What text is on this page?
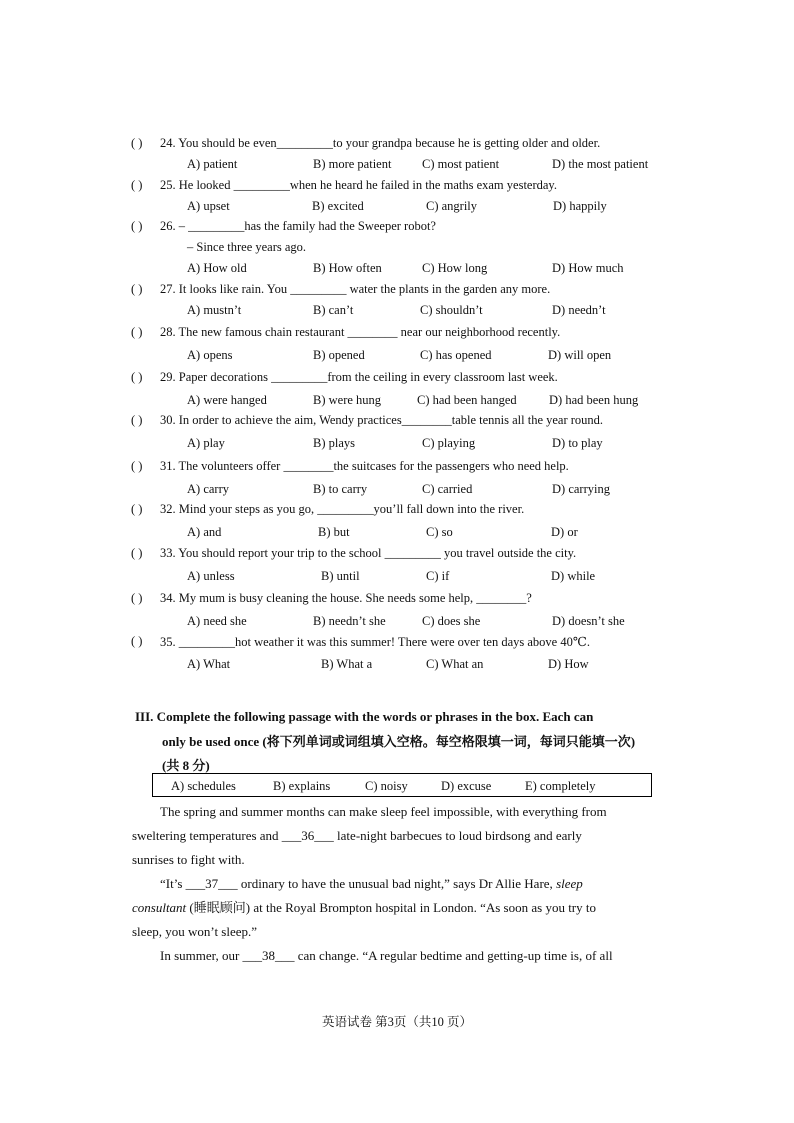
( ) 24. You should be even_________to your grandpa because he is getting older and older.
A) patient	B) more patient C) most patient	D) the most patient
( ) 25. He looked _________when he heard he failed in the maths exam yesterday.
A) upset	B) excited	C) angrily	D) happily
( ) 26. – _________has the family had the Sweeper robot?
– Since three years ago.
A) How old	B) How often	C) How long	D) How much
( ) 27. It looks like rain. You _________ water the plants in the garden any more.
A) mustn’t	B) can’t	C) shouldn’t	D) needn’t
( ) 28. The new famous chain restaurant ________ near our neighborhood recently.
A) opens	B) opened	C) has opened	D) will open
( ) 29. Paper decorations _________from the ceiling in every classroom last week.
A) were hanged	B) were hung	C) had been hanged	D) had been hung
( ) 30. In order to achieve the aim, Wendy practices________table tennis all the year round.
A) play	B) plays	C) playing	D) to play
( ) 31. The volunteers offer ________the suitcases for the passengers who need help.
A) carry	B) to carry	C) carried	D) carrying
( ) 32. Mind your steps as you go, _________you’ll fall down into the river.
A) and	B) but	C) so	D) or
( ) 33. You should report your trip to the school _________ you travel outside the city.
A) unless	B) until	C) if	D) while
( ) 34. My mum is busy cleaning the house. She needs some help, ________?
A) need she	B) needn’t she	C) does she	D) doesn’t she
( ) 35. _________hot weather it was this summer! There were over ten days above 40℃.
A) What	B) What a	C) What an	D) How
III. Complete the following passage with the words or phrases in the box. Each can
only be used once (将下列单词或词组填入空格。每空格限填一词，每词只能填一次)
(共 8 分)
A) schedules	B) explains	C) noisy	D) excuse	E) completely
The spring and summer months can make sleep feel impossible, with everything from
sweltering temperatures and ___36___ late-night barbecues to loud birdsong and early
sunrises to fight with.
“It’s ___37___ ordinary to have the unusual bad night,” says Dr Allie Hare, sleep
consultant (睡眠顾问) at the Royal Brompton hospital in London. “As soon as you try to
sleep, you won’t sleep.”
In summer, our ___38___ can change. “A regular bedtime and getting-up time is, of all
英语试卷 第3页（共10 页）
